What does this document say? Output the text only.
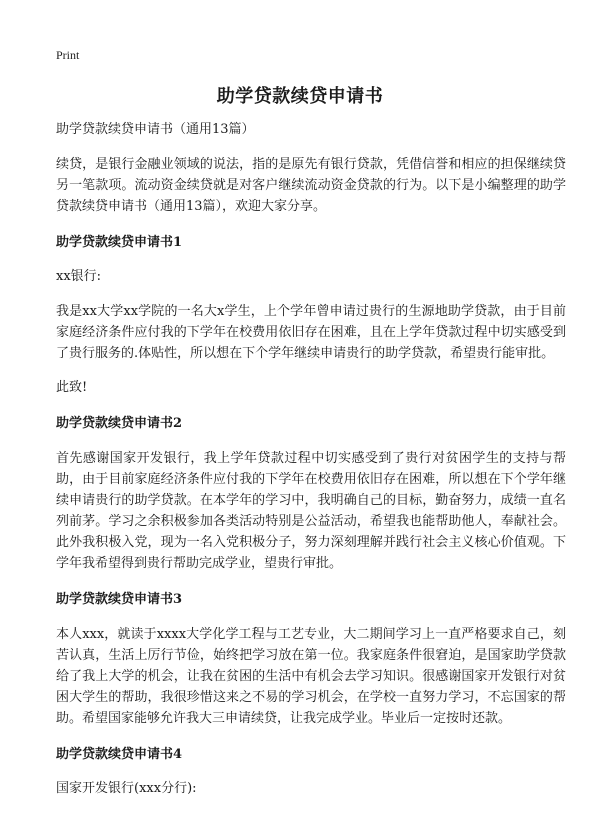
Print
助学贷款续贷申请书

助学贷款续贷申请书（通用13篇）

续贷，是银行金融业领域的说法，指的是原先有银行贷款，凭借信誉和相应的担保继续贷另一笔款项。流动资金续贷就是对客户继续流动资金贷款的行为。以下是小编整理的助学贷款续贷申请书（通用13篇），欢迎大家分享。

助学贷款续贷申请书1

xx银行:

我是xx大学xx学院的一名大x学生，上个学年曾申请过贵行的生源地助学贷款，由于目前家庭经济条件应付我的下学年在校费用依旧存在困难，且在上学年贷款过程中切实感受到了贵行服务的.体贴性，所以想在下个学年继续申请贵行的助学贷款，希望贵行能审批。

此致!

助学贷款续贷申请书2

首先感谢国家开发银行，我上学年贷款过程中切实感受到了贵行对贫困学生的支持与帮助，由于目前家庭经济条件应付我的下学年在校费用依旧存在困难，所以想在下个学年继续申请贵行的助学贷款。在本学年的学习中，我明确自己的目标，勤奋努力，成绩一直名列前茅。学习之余积极参加各类活动特别是公益活动，希望我也能帮助他人，奉献社会。此外我积极入党，现为一名入党积极分子，努力深刻理解并践行社会主义核心价值观。下学年我希望得到贵行帮助完成学业，望贵行审批。

助学贷款续贷申请书3

本人xxx，就读于xxxx大学化学工程与工艺专业，大二期间学习上一直严格要求自己，刻苦认真，生活上厉行节俭，始终把学习放在第一位。我家庭条件很窘迫，是国家助学贷款给了我上大学的机会，让我在贫困的生活中有机会去学习知识。很感谢国家开发银行对贫困大学生的帮助，我很珍惜这来之不易的学习机会，在学校一直努力学习，不忘国家的帮助。希望国家能够允许我大三申请续贷，让我完成学业。毕业后一定按时还款。

助学贷款续贷申请书4

国家开发银行(xxx分行):
